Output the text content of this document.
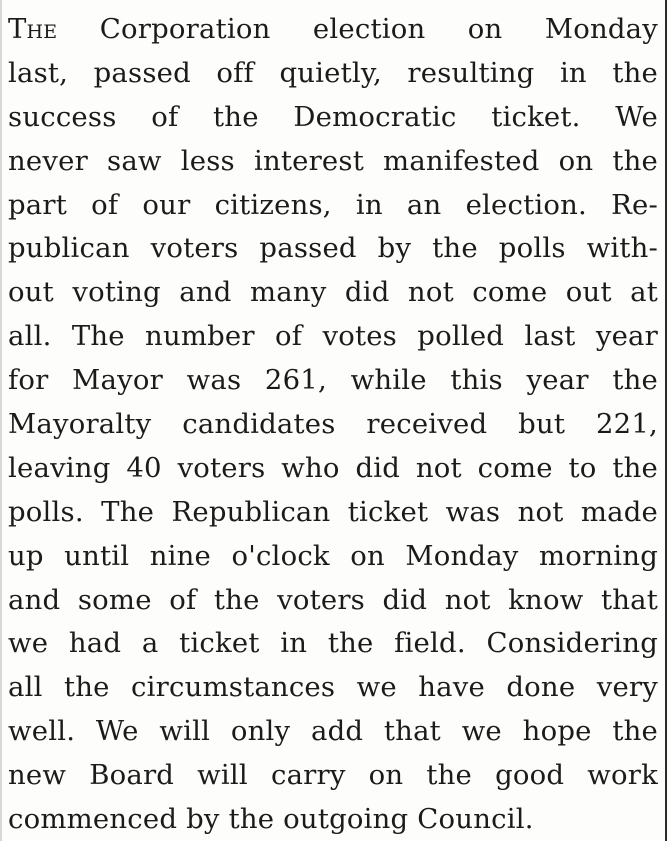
The Corporation election on Monday
last, passed off quietly, resulting in the
success of the Democratic ticket. We
never saw less interest manifested on the
part of our citizens, in an election. Re-
publican voters passed by the polls with-
out voting and many did not come out at
all. The number of votes polled last year
for Mayor was 261, while this year the
Mayoralty candidates received but 221,
leaving 40 voters who did not come to the
polls. The Republican ticket was not made
up until nine o'clock on Monday morning
and some of the voters did not know that
we had a ticket in the field. Considering
all the circumstances we have done very
well. We will only add that we hope the
new Board will carry on the good work
commenced by the outgoing Council.
